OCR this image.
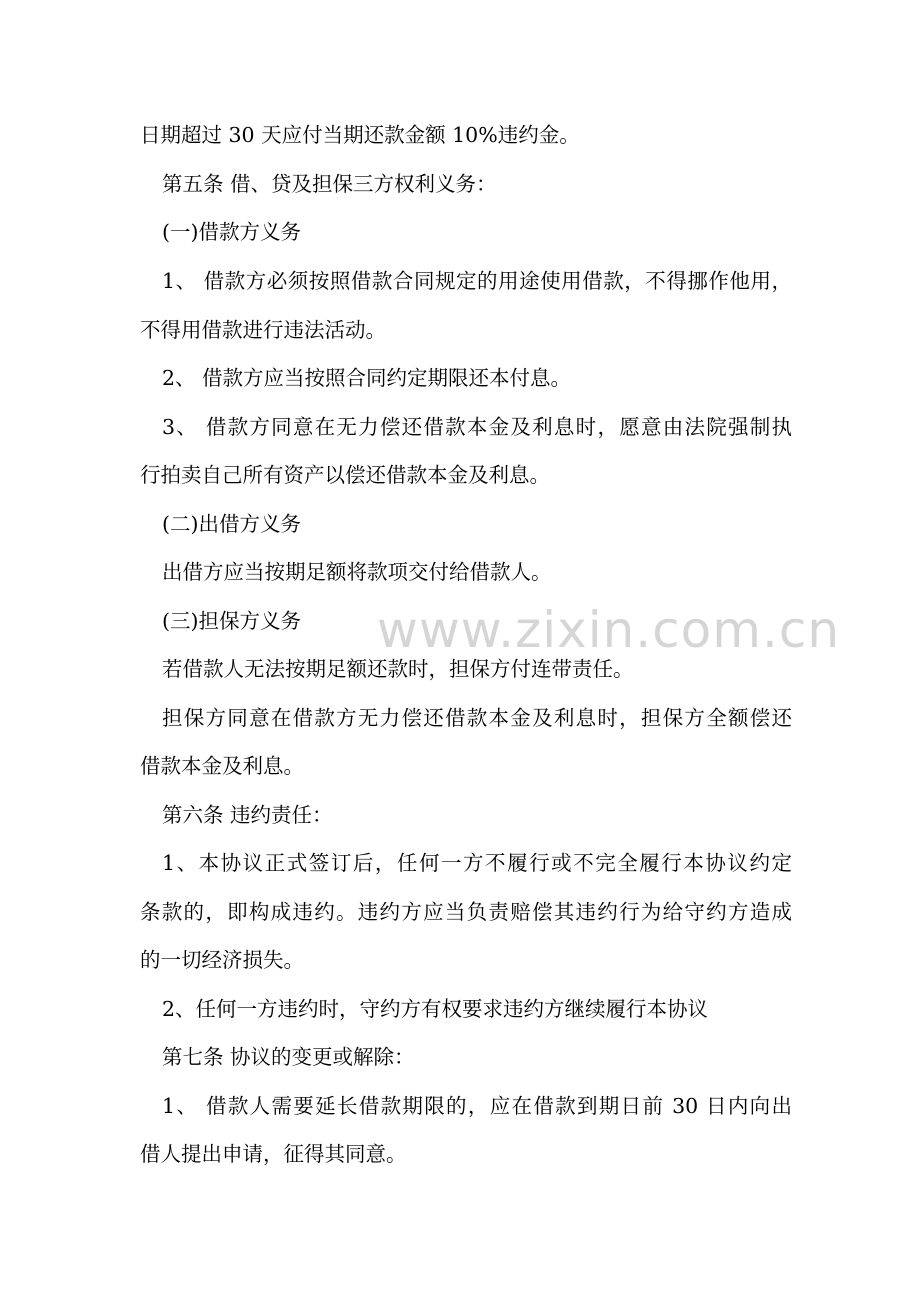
日期超过 30 天应付当期还款金额 10%违约金。
第五条 借、贷及担保三方权利义务：
(一)借款方义务
1、 借款方必须按照借款合同规定的用途使用借款，不得挪作他用，
不得用借款进行违法活动。
2、 借款方应当按照合同约定期限还本付息。
3、 借款方同意在无力偿还借款本金及利息时，愿意由法院强制执
行拍卖自己所有资产以偿还借款本金及利息。
(二)出借方义务
出借方应当按期足额将款项交付给借款人。
(三)担保方义务
若借款人无法按期足额还款时，担保方付连带责任。
担保方同意在借款方无力偿还借款本金及利息时，担保方全额偿还
借款本金及利息。
第六条 违约责任：
1、本协议正式签订后，任何一方不履行或不完全履行本协议约定
条款的，即构成违约。违约方应当负责赔偿其违约行为给守约方造成
的一切经济损失。
2、任何一方违约时，守约方有权要求违约方继续履行本协议
第七条 协议的变更或解除：
1、 借款人需要延长借款期限的，应在借款到期日前 30 日内向出
借人提出申请，征得其同意。
www.zixin.com.cn
